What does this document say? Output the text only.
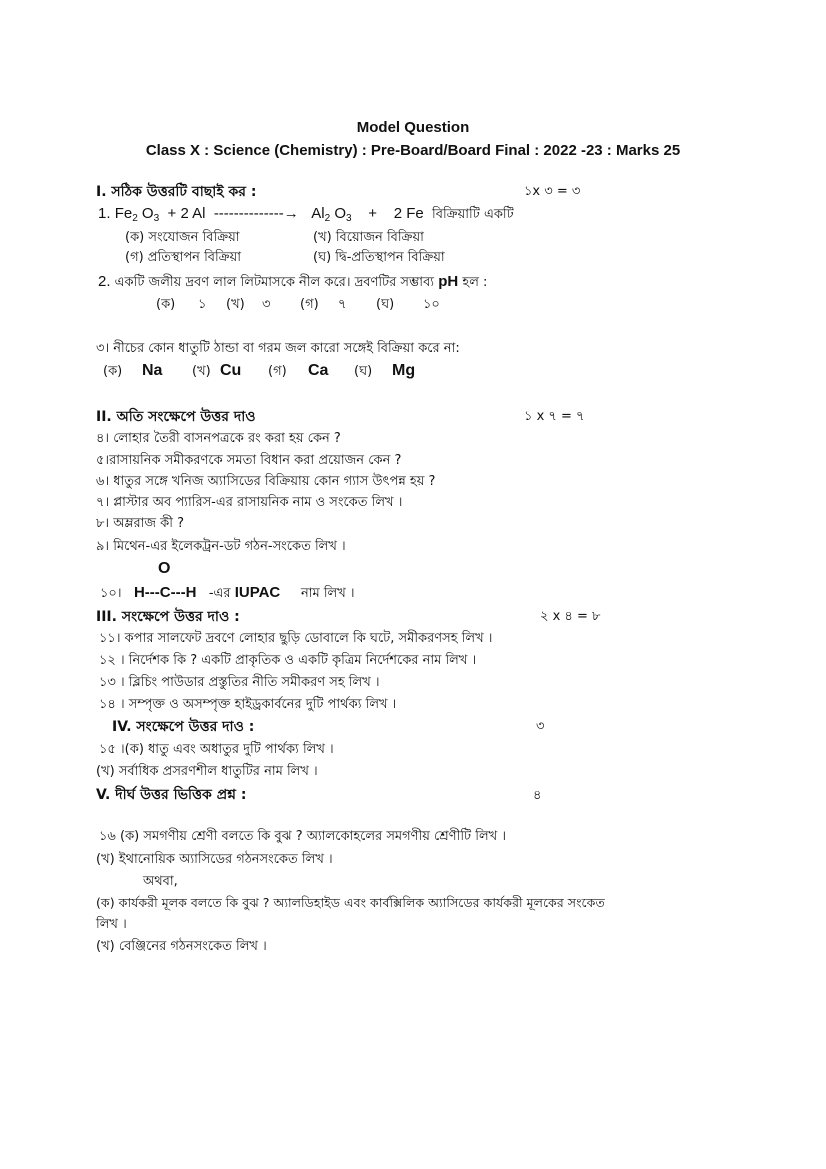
Model Question
Class X : Science (Chemistry) : Pre-Board/Board Final : 2022 -23 : Marks 25
I. সঠিক উত্তরটি বাছাই কর :	১x ৩ = ৩
1. $Fe_2$ $O_3 + 2$ Al --------------→ $Al_2$ $O_3 + 2$ Fe বিক্রিয়াটি একটি
(ক) সংযোজন বিক্রিয়া	(খ) বিয়োজন বিক্রিয়া
(গ) প্রতিস্থাপন বিক্রিয়া	(ঘ) দ্বি-প্রতিস্থাপন বিক্রিয়া
2. একটি জলীয় দ্রবণ লাল লিটমাসকে নীল করে। দ্রবণটির সম্ভাব্য pH হল :
(ক) ১ (খ) ৩ (গ) ৭ (ঘ) ১০
৩। নীচের কোন ধাতুটি ঠান্ডা বা গরম জল কারো সঙ্গেই বিক্রিয়া করে না:
(ক) Na (খ) Cu (গ) Ca (ঘ) Mg
II. অতি সংক্ষেপে উত্তর দাও	১ x ৭ = ৭
৪। লোহার তৈরী বাসনপত্রকে রং করা হয় কেন ?
৫।রাসায়নিক সমীকরণকে সমতা বিধান করা প্রয়োজন কেন ?
৬। ধাতুর সঙ্গে খনিজ অ্যাসিডের বিক্রিয়ায় কোন গ্যাস উৎপন্ন হয় ?
৭। প্লাস্টার অব প্যারিস-এর রাসায়নিক নাম ও সংকেত লিখ ।
৮। অম্লরাজ কী ?
৯। মিথেন-এর ইলেকট্রন-ডট গঠন-সংকেত লিখ ।
O
১০। H---C---H -এর IUPAC নাম লিখ ।
III. সংক্ষেপে উত্তর দাও :	২ x ৪ = ৮
১১। কপার সালফেট দ্রবণে লোহার ছুড়ি ডোবালে কি ঘটে, সমীকরণসহ লিখ ।
১২ । নির্দেশক কি ? একটি প্রাকৃতিক ও একটি কৃত্রিম নির্দেশকের নাম লিখ ।
১৩ । ব্লিচিং পাউডার প্রস্তুতির নীতি সমীকরণ সহ লিখ ।
১৪ । সম্পৃক্ত ও অসম্পৃক্ত হাইড্রকার্বনের দুটি পার্থক্য লিখ ।
IV. সংক্ষেপে উত্তর দাও :	৩
১৫ ।(ক) ধাতু এবং অধাতুর দুটি পার্থক্য লিখ ।
(খ) সর্বাধিক প্রসরণশীল ধাতুটির নাম লিখ ।
V. দীর্ঘ উত্তর ভিত্তিক প্রশ্ন :	৪
১৬ (ক) সমগণীয় শ্রেণী বলতে কি বুঝ ? অ্যালকোহলের সমগণীয় শ্রেণীটি লিখ ।
(খ) ইথানোয়িক অ্যাসিডের গঠনসংকেত লিখ ।
অথবা,
(ক) কার্যকরী মূলক বলতে কি বুঝ ? অ্যালডিহাইড এবং কার্বক্সিলিক অ্যাসিডের কার্যকরী মূলকের সংকেত
লিখ ।
(খ) বেঞ্জিনের গঠনসংকেত লিখ ।
